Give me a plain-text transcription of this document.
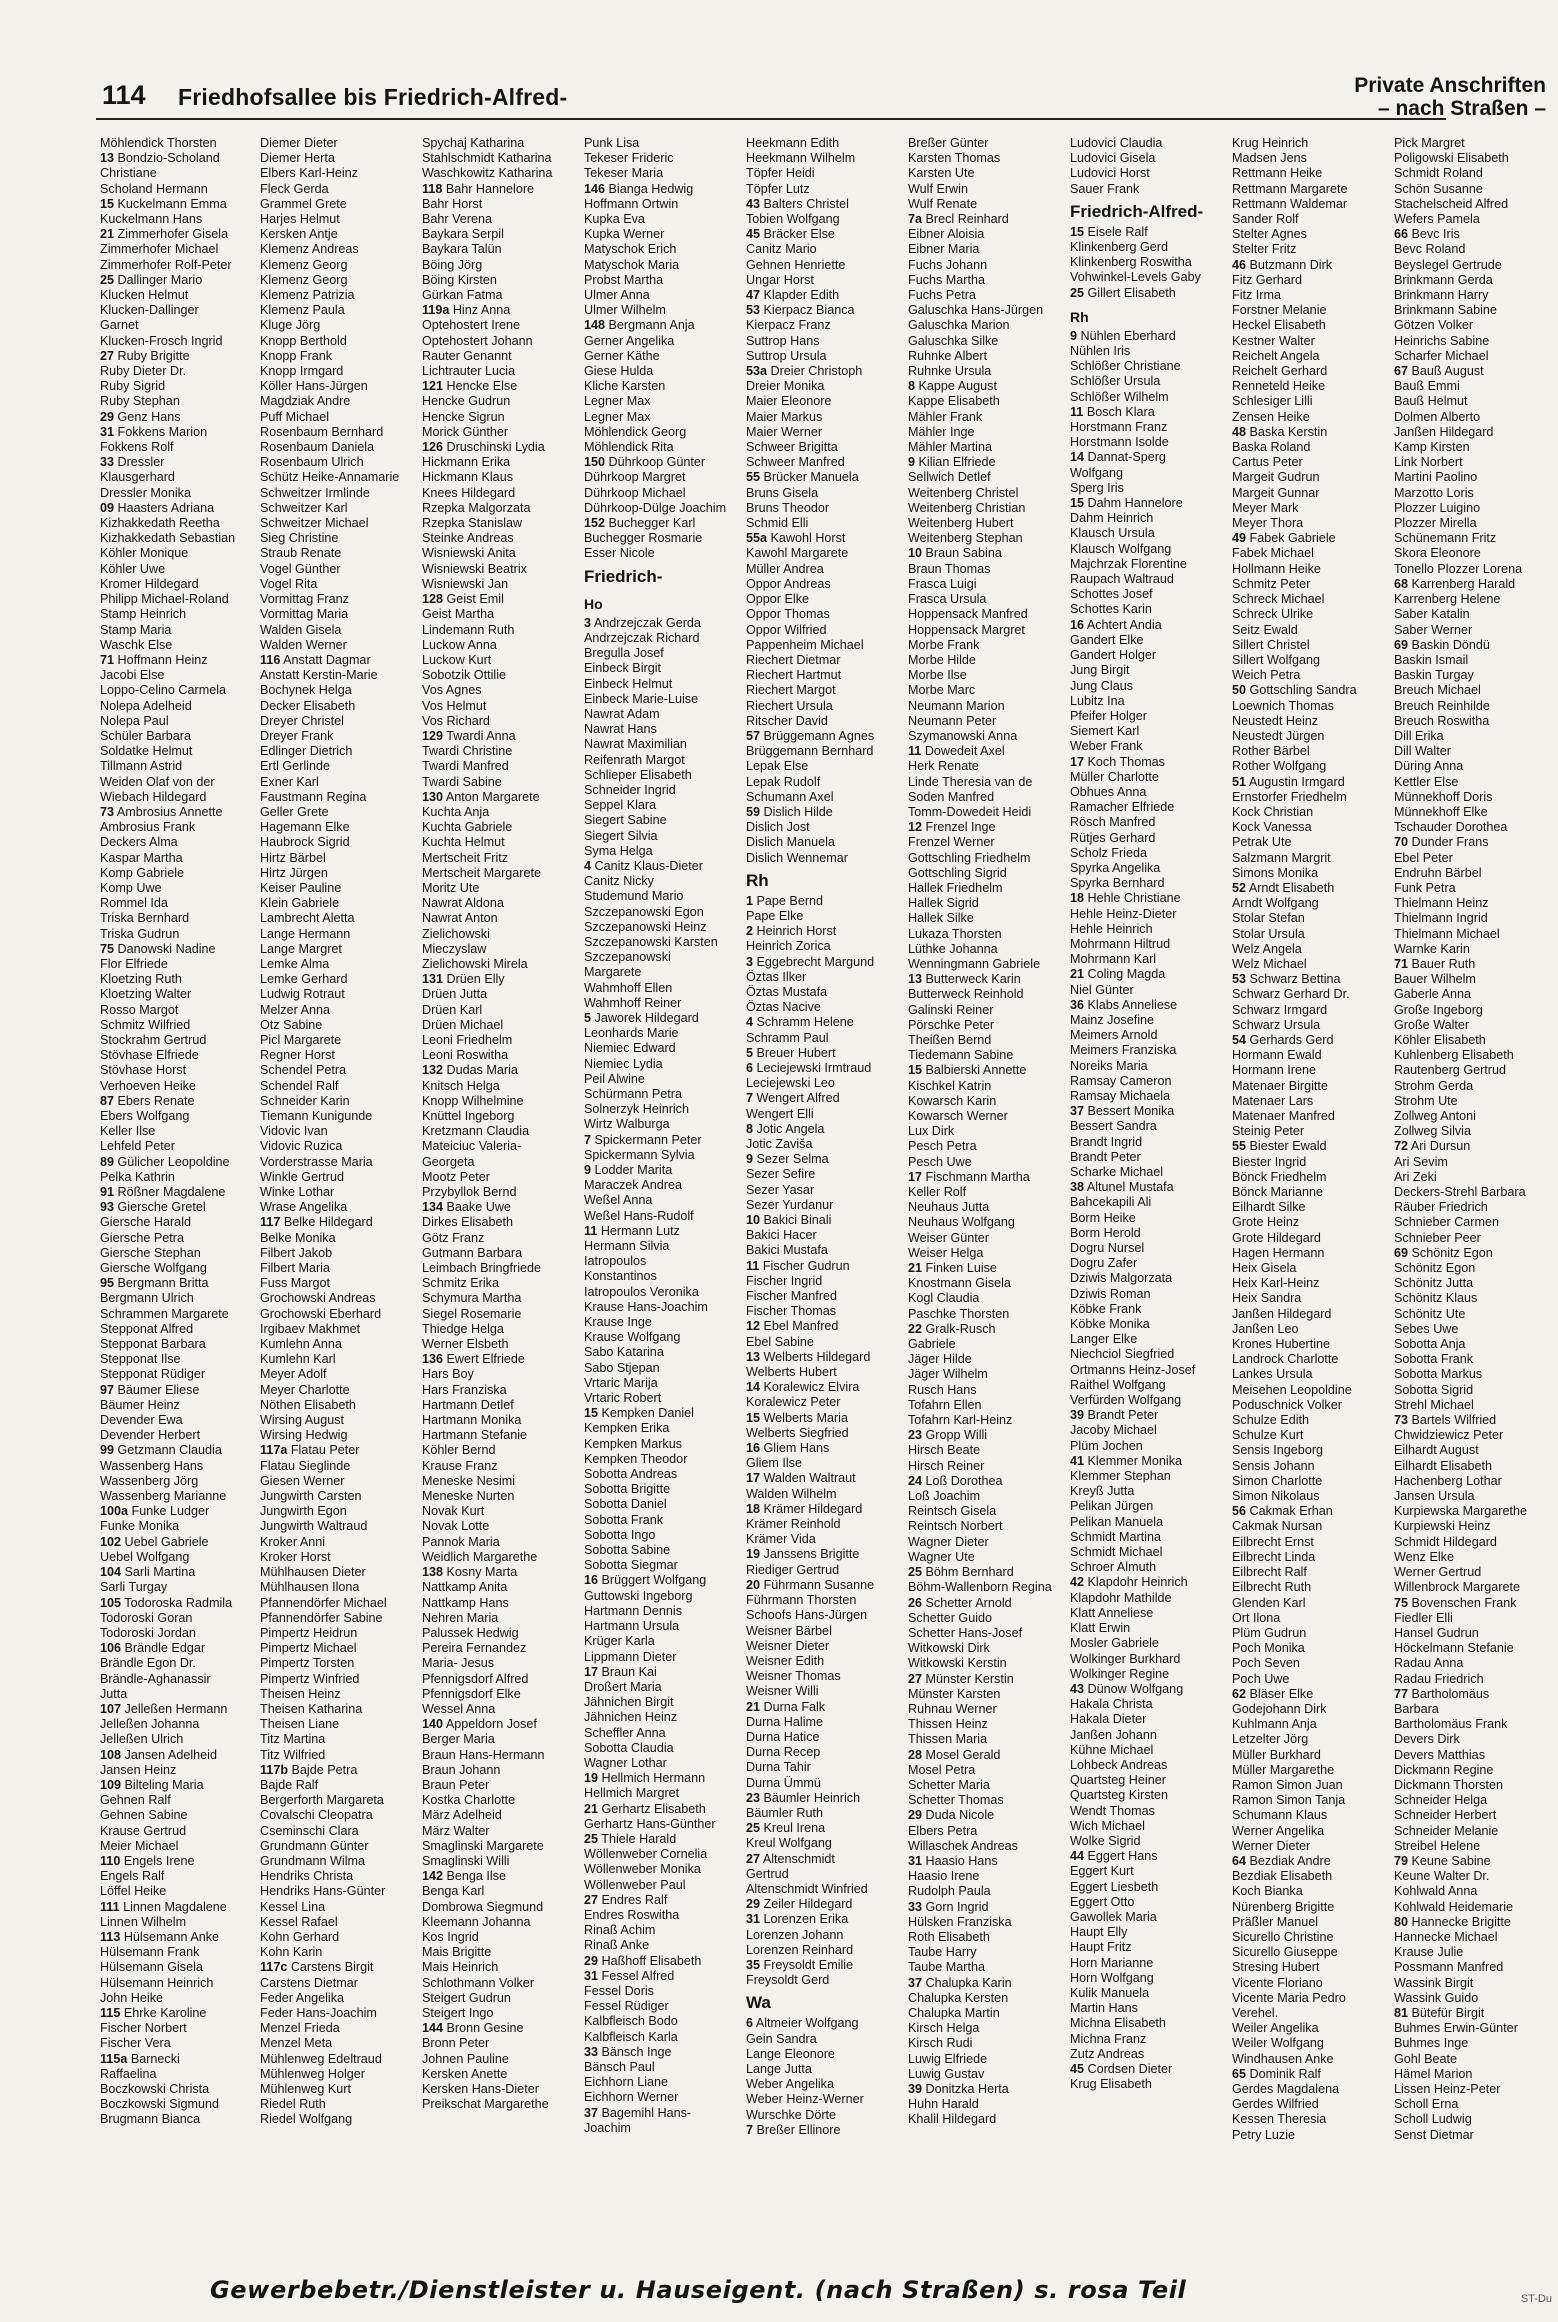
114 Friedhofsallee bis Friedrich-Alfred-	Private Anschriften
– nach Straßen –
Möhlendick Thorsten
13 Bondzio-Scholand
Christiane
Scholand Hermann
15 Kuckelmann Emma
Kuckelmann Hans
21 Zimmerhofer Gisela
Zimmerhofer Michael
Zimmerhofer Rolf-Peter
25 Dallinger Mario
Klucken Helmut
Klucken-Dallinger
Garnet
Klucken-Frosch Ingrid
27 Ruby Brigitte
Ruby Dieter Dr.
Ruby Sigrid
Ruby Stephan
29 Genz Hans
31 Fokkens Marion
Fokkens Rolf
33 Dressler
Klausgerhard
Dressler Monika
09 Haasters Adriana
Kizhakkedath Reetha
Kizhakkedath Sebastian
Köhler Monique
Köhler Uwe
Kromer Hildegard
Philipp Michael-Roland
Stamp Heinrich
Stamp Maria
Waschk Else
71 Hoffmann Heinz
Jacobi Else
Loppo-Celino Carmela
Nolepa Adelheid
Nolepa Paul
Schüler Barbara
Soldatke Helmut
Tillmann Astrid
Weiden Olaf von der
Wiebach Hildegard
73 Ambrosius Annette
Ambrosius Frank
Deckers Alma
Kaspar Martha
Komp Gabriele
Komp Uwe
Rommel Ida
Triska Bernhard
Triska Gudrun
75 Danowski Nadine
Flor Elfriede
Kloetzing Ruth
Kloetzing Walter
Rosso Margot
Schmitz Wilfried
Stockrahm Gertrud
Stövhase Elfriede
Stövhase Horst
Verhoeven Heike
87 Ebers Renate
Ebers Wolfgang
Keller Ilse
Lehfeld Peter
89 Gülicher Leopoldine
Pelka Kathrin
91 Rößner Magdalene
93 Giersche Gretel
Giersche Harald
Giersche Petra
Giersche Stephan
Giersche Wolfgang
95 Bergmann Britta
Bergmann Ulrich
Schrammen Margarete
Stepponat Alfred
Stepponat Barbara
Stepponat Ilse
Stepponat Rüdiger
97 Bäumer Eliese
Bäumer Heinz
Devender Ewa
Devender Herbert
99 Getzmann Claudia
Wassenberg Hans
Wassenberg Jörg
Wassenberg Marianne
100a Funke Ludger
Funke Monika
102 Uebel Gabriele
Uebel Wolfgang
104 Sarli Martina
Sarli Turgay
105 Todoroska Radmila
Todoroski Goran
Todoroski Jordan
106 Brändle Edgar
Brändle Egon Dr.
Brändle-Aghanassir
Jutta
107 Jelleßen Hermann
Jelleßen Johanna
Jelleßen Ulrich
108 Jansen Adelheid
Jansen Heinz
109 Bilteling Maria
Gehnen Ralf
Gehnen Sabine
Krause Gertrud
Meier Michael
110 Engels Irene
Engels Ralf
Löffel Heike
111 Linnen Magdalene
Linnen Wilhelm
113 Hülsemann Anke
Hülsemann Frank
Hülsemann Gisela
Hülsemann Heinrich
John Heike
115 Ehrke Karoline
Fischer Norbert
Fischer Vera
115a Barnecki
Raffaelina
Boczkowski Christa
Boczkowski Sigmund
Brugmann Bianca
Diemer Dieter
Diemer Herta
Elbers Karl-Heinz
Fleck Gerda
Grammel Grete
Harjes Helmut
Kersken Antje
Klemenz Andreas
Klemenz Georg
Klemenz Georg
Klemenz Patrizia
Klemenz Paula
Kluge Jörg
Knopp Berthold
Knopp Frank
Knopp Irmgard
Köller Hans-Jürgen
Magdziak Andre
Puff Michael
Rosenbaum Bernhard
Rosenbaum Daniela
Rosenbaum Ulrich
Schütz Heike-Annamarie
Schweitzer Irmlinde
Schweitzer Karl
Schweitzer Michael
Sieg Christine
Straub Renate
Vogel Günther
Vogel Rita
Vormittag Franz
Vormittag Maria
Walden Gisela
Walden Werner
116 Anstatt Dagmar
Anstatt Kerstin-Marie
Bochynek Helga
Decker Elisabeth
Dreyer Christel
Dreyer Frank
Edlinger Dietrich
Ertl Gerlinde
Exner Karl
Faustmann Regina
Geller Grete
Hagemann Elke
Haubrock Sigrid
Hirtz Bärbel
Hirtz Jürgen
Keiser Pauline
Klein Gabriele
Lambrecht Aletta
Lange Hermann
Lange Margret
Lemke Alma
Lemke Gerhard
Ludwig Rotraut
Melzer Anna
Otz Sabine
Picl Margarete
Regner Horst
Schendel Petra
Schendel Ralf
Schneider Karin
Tiemann Kunigunde
Vidovic Ivan
Vidovic Ruzica
Vorderstrasse Maria
Winkle Gertrud
Winke Lothar
Wrase Angelika
117 Belke Hildegard
Belke Monika
Filbert Jakob
Filbert Maria
Fuss Margot
Grochowski Andreas
Grochowski Eberhard
Irgibaev Makhmet
Kumlehn Anna
Kumlehn Karl
Meyer Adolf
Meyer Charlotte
Nöthen Elisabeth
Wirsing August
Wirsing Hedwig
117a Flatau Peter
Flatau Sieglinde
Giesen Werner
Jungwirth Carsten
Jungwirth Egon
Jungwirth Waltraud
Kroker Anni
Kroker Horst
Mühlhausen Dieter
Mühlhausen Ilona
Pfannendörfer Michael
Pfannendörfer Sabine
Pimpertz Heidrun
Pimpertz Michael
Pimpertz Torsten
Pimpertz Winfried
Theisen Heinz
Theisen Katharina
Theisen Liane
Titz Martina
Titz Wilfried
117b Bajde Petra
Bajde Ralf
Bergerforth Margareta
Covalschi Cleopatra
Cseminschi Clara
Grundmann Günter
Grundmann Wilma
Hendriks Christa
Hendriks Hans-Günter
Kessel Lina
Kessel Rafael
Kohn Gerhard
Kohn Karin
117c Carstens Birgit
Carstens Dietmar
Feder Angelika
Feder Hans-Joachim
Menzel Frieda
Menzel Meta
Mühlenweg Edeltraud
Mühlenweg Holger
Mühlenweg Kurt
Riedel Ruth
Riedel Wolfgang
Spychaj Katharina
Stahlschmidt Katharina
Waschkowitz Katharina
118 Bahr Hannelore
Bahr Horst
Bahr Verena
Baykara Serpil
Baykara Talün
Böing Jörg
Böing Kirsten
Gürkan Fatma
119a Hinz Anna
Optehostert Irene
Optehostert Johann
Rauter Genannt
Lichtrauter Lucia
121 Hencke Else
Hencke Gudrun
Hencke Sigrun
Morick Günther
126 Druschinski Lydia
Hickmann Erika
Hickmann Klaus
Knees Hildegard
Rzepka Malgorzata
Rzepka Stanislaw
Steinke Andreas
Wisniewski Anita
Wisniewski Beatrix
Wisniewski Jan
128 Geist Emil
Geist Martha
Lindemann Ruth
Luckow Anna
Luckow Kurt
Sobotzik Ottilie
Vos Agnes
Vos Helmut
Vos Richard
129 Twardi Anna
Twardi Christine
Twardi Manfred
Twardi Sabine
130 Anton Margarete
Kuchta Anja
Kuchta Gabriele
Kuchta Helmut
Mertscheit Fritz
Mertscheit Margarete
Moritz Ute
Nawrat Aldona
Nawrat Anton
Zielichowski
Mieczyslaw
Zielichowski Mirela
131 Drüen Elly
Drüen Jutta
Drüen Karl
Drüen Michael
Leoni Friedhelm
Leoni Roswitha
132 Dudas Maria
Knitsch Helga
Knopp Wilhelmine
Knüttel Ingeborg
Kretzmann Claudia
Mateiciuc Valeria-
Georgeta
Mootz Peter
Przybyllok Bernd
134 Baake Uwe
Dirkes Elisabeth
Götz Franz
Gutmann Barbara
Leimbach Bringfriede
Schmitz Erika
Schymura Martha
Siegel Rosemarie
Thiedge Helga
Werner Elsbeth
136 Ewert Elfriede
Hars Boy
Hars Franziska
Hartmann Detlef
Hartmann Monika
Hartmann Stefanie
Köhler Bernd
Krause Franz
Meneske Nesimi
Meneske Nurten
Novak Kurt
Novak Lotte
Pannok Maria
Weidlich Margarethe
138 Kosny Marta
Nattkamp Anita
Nattkamp Hans
Nehren Maria
Palussek Hedwig
Pereira Fernandez
Maria- Jesus
Pfennigsdorf Alfred
Pfennigsdorf Elke
Wessel Anna
140 Appeldorn Josef
Berger Maria
Braun Hans-Hermann
Braun Johann
Braun Peter
Kostka Charlotte
März Adelheid
März Walter
Smaglinski Margarete
Smaglinski Willi
142 Benga Ilse
Benga Karl
Dombrowa Siegmund
Kleemann Johanna
Kos Ingrid
Mais Brigitte
Mais Heinrich
Schlothmann Volker
Steigert Gudrun
Steigert Ingo
144 Bronn Gesine
Bronn Peter
Johnen Pauline
Kersken Anette
Kersken Hans-Dieter
Preikschat Margarethe
Punk Lisa
Tekeser Frideric
Tekeser Maria
146 Bianga Hedwig
Hoffmann Ortwin
Kupka Eva
Kupka Werner
Matyschok Erich
Matyschok Maria
Probst Martha
Ulmer Anna
Ulmer Wilhelm
148 Bergmann Anja
Gerner Angelika
Gerner Käthe
Giese Hulda
Kliche Karsten
Legner Max
Legner Max
Möhlendick Georg
Möhlendick Rita
150 Dührkoop Günter
Dührkoop Margret
Dührkoop Michael
Dührkoop-Dülge Joachim
152 Buchegger Karl
Buchegger Rosmarie
Esser Nicole
Friedrich-
Ho
3 Andrzejczak Gerda
Andrzejczak Richard
Bregulla Josef
Einbeck Birgit
Einbeck Helmut
Einbeck Marie-Luise
Nawrat Adam
Nawrat Hans
Nawrat Maximilian
Reifenrath Margot
Schlieper Elisabeth
Schneider Ingrid
Seppel Klara
Siegert Sabine
Siegert Silvia
Syma Helga
4 Canitz Klaus-Dieter
Canitz Nicky
Studemund Mario
Szczepanowski Egon
Szczepanowski Heinz
Szczepanowski Karsten
Szczepanowski
Margarete
Wahmhoff Ellen
Wahmhoff Reiner
5 Jaworek Hildegard
Leonhards Marie
Niemiec Edward
Niemiec Lydia
Peil Alwine
Schürmann Petra
Solnerzyk Heinrich
Wirtz Walburga
7 Spickermann Peter
Spickermann Sylvia
9 Lodder Marita
Maraczek Andrea
Weßel Anna
Weßel Hans-Rudolf
11 Hermann Lutz
Hermann Silvia
Iatropoulos
Konstantinos
Iatropoulos Veronika
Krause Hans-Joachim
Krause Inge
Krause Wolfgang
Sabo Katarina
Sabo Stjepan
Vrtaric Marija
Vrtaric Robert
15 Kempken Daniel
Kempken Erika
Kempken Markus
Kempken Theodor
Sobotta Andreas
Sobotta Brigitte
Sobotta Daniel
Sobotta Frank
Sobotta Ingo
Sobotta Sabine
Sobotta Siegmar
16 Brüggert Wolfgang
Guttowski Ingeborg
Hartmann Dennis
Hartmann Ursula
Krüger Karla
Lippmann Dieter
17 Braun Kai
Droßert Maria
Jähnichen Birgit
Jähnichen Heinz
Scheffler Anna
Sobotta Claudia
Wagner Lothar
19 Hellmich Hermann
Hellmich Margret
21 Gerhartz Elisabeth
Gerhartz Hans-Günther
25 Thiele Harald
Wöllenweber Cornelia
Wöllenweber Monika
Wöllenweber Paul
27 Endres Ralf
Endres Roswitha
Rinaß Achim
Rinaß Anke
29 Haßhoff Elisabeth
31 Fessel Alfred
Fessel Doris
Fessel Rüdiger
Kalbfleisch Bodo
Kalbfleisch Karla
33 Bänsch Inge
Bänsch Paul
Eichhorn Liane
Eichhorn Werner
37 Bagemihl Hans-
Joachim
Heekmann Edith
Heekmann Wilhelm
Töpfer Heidi
Töpfer Lutz
43 Balters Christel
Tobien Wolfgang
45 Bräcker Else
Canitz Mario
Gehnen Henriette
Ungar Horst
47 Klapder Edith
53 Kierpacz Bianca
Kierpacz Franz
Suttrop Hans
Suttrop Ursula
53a Dreier Christoph
Dreier Monika
Maier Eleonore
Maier Markus
Maier Werner
Schweer Brigitta
Schweer Manfred
55 Brücker Manuela
Bruns Gisela
Bruns Theodor
Schmid Elli
55a Kawohl Horst
Kawohl Margarete
Müller Andrea
Oppor Andreas
Oppor Elke
Oppor Thomas
Oppor Wilfried
Pappenheim Michael
Riechert Dietmar
Riechert Hartmut
Riechert Margot
Riechert Ursula
Ritscher David
57 Brüggemann Agnes
Brüggemann Bernhard
Lepak Else
Lepak Rudolf
Schumann Axel
59 Dislich Hilde
Dislich Jost
Dislich Manuela
Dislich Wennemar
Rh
1 Pape Bernd
Pape Elke
2 Heinrich Horst
Heinrich Zorica
3 Eggebrecht Margund
Öztas Ilker
Öztas Mustafa
Öztas Nacive
4 Schramm Helene
Schramm Paul
5 Breuer Hubert
6 Leciejewski Irmtraud
Leciejewski Leo
7 Wengert Alfred
Wengert Elli
8 Jotic Angela
Jotic Zaviša
9 Sezer Selma
Sezer Sefire
Sezer Yasar
Sezer Yurdanur
10 Bakici Binali
Bakici Hacer
Bakici Mustafa
11 Fischer Gudrun
Fischer Ingrid
Fischer Manfred
Fischer Thomas
12 Ebel Manfred
Ebel Sabine
13 Welberts Hildegard
Welberts Hubert
14 Koralewicz Elvira
Koralewicz Peter
15 Welberts Maria
Welberts Siegfried
16 Gliem Hans
Gliem Ilse
17 Walden Waltraut
Walden Wilhelm
18 Krämer Hildegard
Krämer Reinhold
Krämer Vida
19 Janssens Brigitte
Riediger Gertrud
20 Führmann Susanne
Führmann Thorsten
Schoofs Hans-Jürgen
Weisner Bärbel
Weisner Dieter
Weisner Edith
Weisner Thomas
Weisner Willi
21 Durna Falk
Durna Halime
Durna Hatice
Durna Recep
Durna Tahir
Durna Ümmü
23 Bäumler Heinrich
Bäumler Ruth
25 Kreul Irena
Kreul Wolfgang
27 Altenschmidt
Gertrud
Altenschmidt Winfried
29 Zeiler Hildegard
31 Lorenzen Erika
Lorenzen Johann
Lorenzen Reinhard
35 Freysoldt Emilie
Freysoldt Gerd
Wa
6 Altmeier Wolfgang
Gein Sandra
Lange Eleonore
Lange Jutta
Weber Angelika
Weber Heinz-Werner
Wurschke Dörte
7 Breßer Ellinore
Breßer Günter
Karsten Thomas
Karsten Ute
Wulf Erwin
Wulf Renate
7a Brecl Reinhard
Eibner Aloisia
Eibner Maria
Fuchs Johann
Fuchs Martha
Fuchs Petra
Galuschka Hans-Jürgen
Galuschka Marion
Galuschka Silke
Ruhnke Albert
Ruhnke Ursula
8 Kappe August
Kappe Elisabeth
Mähler Frank
Mähler Inge
Mähler Martina
9 Kilian Elfriede
Sellwich Detlef
Weitenberg Christel
Weitenberg Christian
Weitenberg Hubert
Weitenberg Stephan
10 Braun Sabina
Braun Thomas
Frasca Luigi
Frasca Ursula
Hoppensack Manfred
Hoppensack Margret
Morbe Frank
Morbe Hilde
Morbe Ilse
Morbe Marc
Neumann Marion
Neumann Peter
Szymanowski Anna
11 Dowedeit Axel
Herk Renate
Linde Theresia van de
Soden Manfred
Tomm-Dowedeit Heidi
12 Frenzel Inge
Frenzel Werner
Gottschling Friedhelm
Gottschling Sigrid
Hallek Friedhelm
Hallek Sigrid
Hallek Silke
Lukaza Thorsten
Lüthke Johanna
Wenningmann Gabriele
13 Butterweck Karin
Butterweck Reinhold
Galinski Reiner
Pörschke Peter
Theißen Bernd
Tiedemann Sabine
15 Balbierski Annette
Kischkel Katrin
Kowarsch Karin
Kowarsch Werner
Lux Dirk
Pesch Petra
Pesch Uwe
17 Fischmann Martha
Keller Rolf
Neuhaus Jutta
Neuhaus Wolfgang
Weiser Günter
Weiser Helga
21 Finken Luise
Knostmann Gisela
Kogl Claudia
Paschke Thorsten
22 Gralk-Rusch
Gabriele
Jäger Hilde
Jäger Wilhelm
Rusch Hans
Tofahrn Ellen
Tofahrn Karl-Heinz
23 Gropp Willi
Hirsch Beate
Hirsch Reiner
24 Loß Dorothea
Loß Joachim
Reintsch Gisela
Reintsch Norbert
Wagner Dieter
Wagner Ute
25 Böhm Bernhard
Böhm-Wallenborn Regina
26 Schetter Arnold
Schetter Guido
Schetter Hans-Josef
Witkowski Dirk
Witkowski Kerstin
27 Münster Kerstin
Münster Karsten
Ruhnau Werner
Thissen Heinz
Thissen Maria
28 Mosel Gerald
Mosel Petra
Schetter Maria
Schetter Thomas
29 Duda Nicole
Elbers Petra
Willaschek Andreas
31 Haasio Hans
Haasio Irene
Rudolph Paula
33 Gorn Ingrid
Hülsken Franziska
Roth Elisabeth
Taube Harry
Taube Martha
37 Chalupka Karin
Chalupka Kersten
Chalupka Martin
Kirsch Helga
Kirsch Rudi
Luwig Elfriede
Luwig Gustav
39 Donitzka Herta
Huhn Harald
Khalil Hildegard
Ludovici Claudia
Ludovici Gisela
Ludovici Horst
Sauer Frank
Friedrich-Alfred-
15 Eisele Ralf
Klinkenberg Gerd
Klinkenberg Roswitha
Vohwinkel-Levels Gaby
25 Gillert Elisabeth
Rh
9 Nühlen Eberhard
Nühlen Iris
Schlößer Christiane
Schlößer Ursula
Schlößer Wilhelm
11 Bosch Klara
Horstmann Franz
Horstmann Isolde
14 Dannat-Sperg
Wolfgang
Sperg Iris
15 Dahm Hannelore
Dahm Heinrich
Klausch Ursula
Klausch Wolfgang
Majchrzak Florentine
Raupach Waltraud
Schottes Josef
Schottes Karin
16 Achtert Andia
Gandert Elke
Gandert Holger
Jung Birgit
Jung Claus
Lubitz Ina
Pfeifer Holger
Siemert Karl
Weber Frank
17 Koch Thomas
Müller Charlotte
Obhues Anna
Ramacher Elfriede
Rösch Manfred
Rütjes Gerhard
Scholz Frieda
Spyrka Angelika
Spyrka Bernhard
18 Hehle Christiane
Hehle Heinz-Dieter
Hehle Heinrich
Mohrmann Hiltrud
Mohrmann Karl
21 Coling Magda
Niel Günter
36 Klabs Anneliese
Mainz Josefine
Meimers Arnold
Meimers Franziska
Noreiks Maria
Ramsay Cameron
Ramsay Michaela
37 Bessert Monika
Bessert Sandra
Brandt Ingrid
Brandt Peter
Scharke Michael
38 Altunel Mustafa
Bahcekapili Ali
Borm Heike
Borm Herold
Dogru Nursel
Dogru Zafer
Dziwis Malgorzata
Dziwis Roman
Köbke Frank
Köbke Monika
Langer Elke
Niechciol Siegfried
Ortmanns Heinz-Josef
Raithel Wolfgang
Verfürden Wolfgang
39 Brandt Peter
Jacoby Michael
Plüm Jochen
41 Klemmer Monika
Klemmer Stephan
Kreyß Jutta
Pelikan Jürgen
Pelikan Manuela
Schmidt Martina
Schmidt Michael
Schroer Almuth
42 Klapdohr Heinrich
Klapdohr Mathilde
Klatt Anneliese
Klatt Erwin
Mosler Gabriele
Wolkinger Burkhard
Wolkinger Regine
43 Dünow Wolfgang
Hakala Christa
Hakala Dieter
Janßen Johann
Kühne Michael
Lohbeck Andreas
Quartsteg Heiner
Quartsteg Kirsten
Wendt Thomas
Wich Michael
Wolke Sigrid
44 Eggert Hans
Eggert Kurt
Eggert Liesbeth
Eggert Otto
Gawollek Maria
Haupt Elly
Haupt Fritz
Horn Marianne
Horn Wolfgang
Kulik Manuela
Martin Hans
Michna Elisabeth
Michna Franz
Zutz Andreas
45 Cordsen Dieter
Krug Elisabeth
Krug Heinrich
Madsen Jens
Rettmann Heike
Rettmann Margarete
Rettmann Waldemar
Sander Rolf
Stelter Agnes
Stelter Fritz
46 Butzmann Dirk
Fitz Gerhard
Fitz Irma
Forstner Melanie
Heckel Elisabeth
Kestner Walter
Reichelt Angela
Reichelt Gerhard
Renneteld Heike
Schlesiger Lilli
Zensen Heike
48 Baska Kerstin
Baska Roland
Cartus Peter
Margeit Gudrun
Margeit Gunnar
Meyer Mark
Meyer Thora
49 Fabek Gabriele
Fabek Michael
Hollmann Heike
Schmitz Peter
Schreck Michael
Schreck Ulrike
Seitz Ewald
Sillert Christel
Sillert Wolfgang
Weich Petra
50 Gottschling Sandra
Loewnich Thomas
Neustedt Heinz
Neustedt Jürgen
Rother Bärbel
Rother Wolfgang
51 Augustin Irmgard
Ernstorfer Friedhelm
Kock Christian
Kock Vanessa
Petrak Ute
Salzmann Margrit
Simons Monika
52 Arndt Elisabeth
Arndt Wolfgang
Stolar Stefan
Stolar Ursula
Welz Angela
Welz Michael
53 Schwarz Bettina
Schwarz Gerhard Dr.
Schwarz Irmgard
Schwarz Ursula
54 Gerhards Gerd
Hormann Ewald
Hormann Irene
Matenaer Birgitte
Matenaer Lars
Matenaer Manfred
Steinig Peter
55 Biester Ewald
Biester Ingrid
Bönck Friedhelm
Bönck Marianne
Eilhardt Silke
Grote Heinz
Grote Hildegard
Hagen Hermann
Heix Gisela
Heix Karl-Heinz
Heix Sandra
Janßen Hildegard
Janßen Leo
Krones Hubertine
Landrock Charlotte
Lankes Ursula
Meisehen Leopoldine
Poduschnick Volker
Schulze Edith
Schulze Kurt
Sensis Ingeborg
Sensis Johann
Simon Charlotte
Simon Nikolaus
56 Cakmak Erhan
Cakmak Nursan
Eilbrecht Ernst
Eilbrecht Linda
Eilbrecht Ralf
Eilbrecht Ruth
Glenden Karl
Ort Ilona
Plüm Gudrun
Poch Monika
Poch Seven
Poch Uwe
62 Bläser Elke
Godejohann Dirk
Kuhlmann Anja
Letzelter Jörg
Müller Burkhard
Müller Margarethe
Ramon Simon Juan
Ramon Simon Tanja
Schumann Klaus
Werner Angelika
Werner Dieter
64 Bezdiak Andre
Bezdiak Elisabeth
Koch Bianka
Nürenberg Brigitte
Präßler Manuel
Sicurello Christine
Sicurello Giuseppe
Stresing Hubert
Vicente Floriano
Vicente Maria Pedro
Verehel.
Weiler Angelika
Weiler Wolfgang
Windhausen Anke
65 Dominik Ralf
Gerdes Magdalena
Gerdes Wilfried
Kessen Theresia
Petry Luzie
Pick Margret
Poligowski Elisabeth
Schmidt Roland
Schön Susanne
Stachelscheid Alfred
Wefers Pamela
66 Bevc Iris
Bevc Roland
Beyslegel Gertrude
Brinkmann Gerda
Brinkmann Harry
Brinkmann Sabine
Götzen Volker
Heinrichs Sabine
Scharfer Michael
67 Bauß August
Bauß Emmi
Bauß Helmut
Dolmen Alberto
Janßen Hildegard
Kamp Kirsten
Link Norbert
Martini Paolino
Marzotto Loris
Plozzer Luigino
Plozzer Mirella
Schünemann Fritz
Skora Eleonore
Tonello Plozzer Lorena
68 Karrenberg Harald
Karrenberg Helene
Saber Katalin
Saber Werner
69 Baskin Döndü
Baskin Ismail
Baskin Turgay
Breuch Michael
Breuch Reinhilde
Breuch Roswitha
Dill Erika
Dill Walter
Düring Anna
Kettler Else
Münnekhoff Doris
Münnekhoff Elke
Tschauder Dorothea
70 Dunder Frans
Ebel Peter
Endruhn Bärbel
Funk Petra
Thielmann Heinz
Thielmann Ingrid
Thielmann Michael
Warnke Karin
71 Bauer Ruth
Bauer Wilhelm
Gaberle Anna
Große Ingeborg
Große Walter
Köhler Elisabeth
Kuhlenberg Elisabeth
Rautenberg Gertrud
Strohm Gerda
Strohm Ute
Zollweg Antoni
Zollweg Silvia
72 Ari Dursun
Ari Sevim
Ari Zeki
Deckers-Strehl Barbara
Räuber Friedrich
Schnieber Carmen
Schnieber Peer
69 Schönitz Egon
Schönitz Egon
Schönitz Jutta
Schönitz Klaus
Schönitz Ute
Sebes Uwe
Sobotta Anja
Sobotta Frank
Sobotta Markus
Sobotta Sigrid
Strehl Michael
73 Bartels Wilfried
Chwidziewicz Peter
Eilhardt August
Eilhardt Elisabeth
Hachenberg Lothar
Jansen Ursula
Kurpiewska Margarethe
Kurpiewski Heinz
Schmidt Hildegard
Wenz Elke
Werner Gertrud
Willenbrock Margarete
75 Bovenschen Frank
Fiedler Elli
Hansel Gudrun
Höckelmann Stefanie
Radau Anna
Radau Friedrich
77 Bartholomäus
Barbara
Bartholomäus Frank
Devers Dirk
Devers Matthias
Dickmann Regine
Dickmann Thorsten
Schneider Helga
Schneider Herbert
Schneider Melanie
Streibel Helene
79 Keune Sabine
Keune Walter Dr.
Kohlwald Anna
Kohlwald Heidemarie
80 Hannecke Brigitte
Hannecke Michael
Krause Julie
Possmann Manfred
Wassink Birgit
Wassink Guido
81 Bütefür Birgit
Buhmes Erwin-Günter
Buhmes Inge
Gohl Beate
Hämel Marion
Lissen Heinz-Peter
Scholl Erna
Scholl Ludwig
Senst Dietmar
Gewerbebetr./Dienstleister u. Hauseigent. (nach Straßen) s. rosa Teil	ST-Du
